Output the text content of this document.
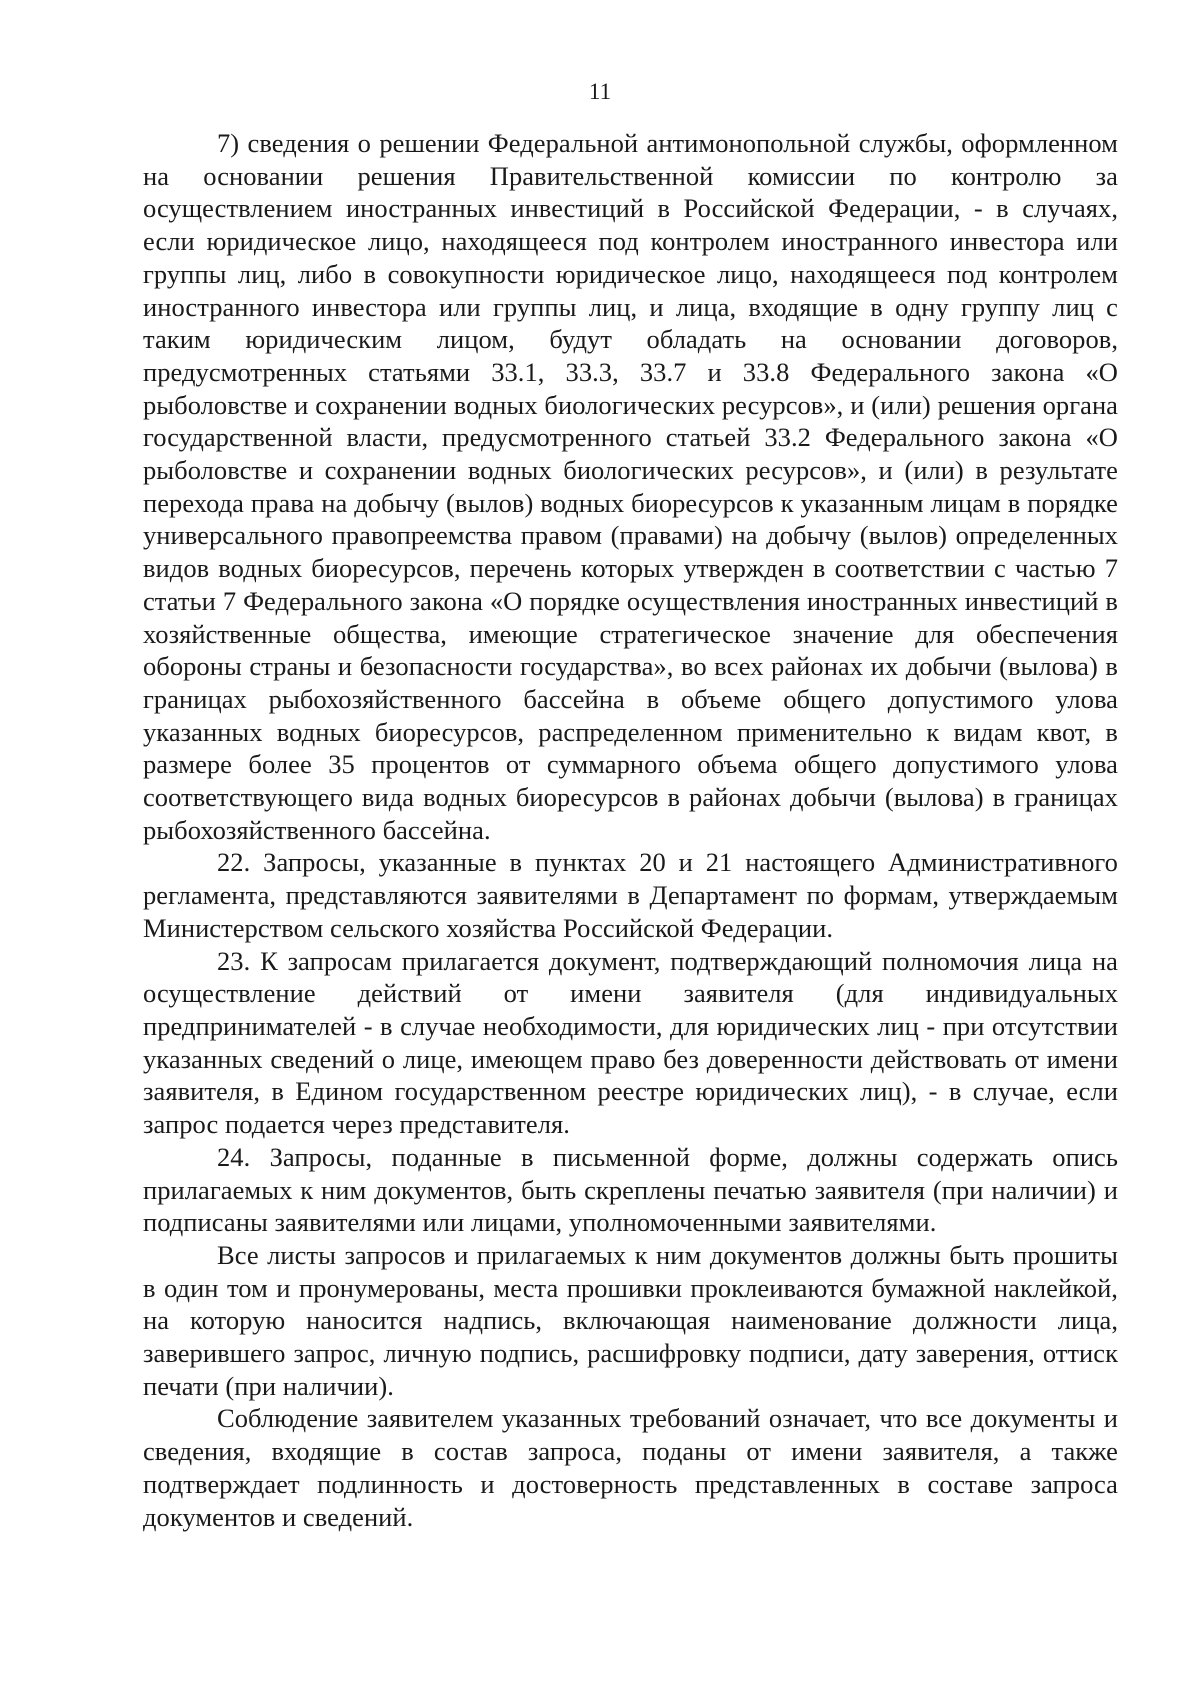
11

7) сведения о решении Федеральной антимонопольной службы, оформленном на основании решения Правительственной комиссии по контролю за осуществлением иностранных инвестиций в Российской Федерации, - в случаях, если юридическое лицо, находящееся под контролем иностранного инвестора или группы лиц, либо в совокупности юридическое лицо, находящееся под контролем иностранного инвестора или группы лиц, и лица, входящие в одну группу лиц с таким юридическим лицом, будут обладать на основании договоров, предусмотренных статьями 33.1, 33.3, 33.7 и 33.8 Федерального закона «О рыболовстве и сохранении водных биологических ресурсов», и (или) решения органа государственной власти, предусмотренного статьей 33.2 Федерального закона «О рыболовстве и сохранении водных биологических ресурсов», и (или) в результате перехода права на добычу (вылов) водных биоресурсов к указанным лицам в порядке универсального правопреемства правом (правами) на добычу (вылов) определенных видов водных биоресурсов, перечень которых утвержден в соответствии с частью 7 статьи 7 Федерального закона «О порядке осуществления иностранных инвестиций в хозяйственные общества, имеющие стратегическое значение для обеспечения обороны страны и безопасности государства», во всех районах их добычи (вылова) в границах рыбохозяйственного бассейна в объеме общего допустимого улова указанных водных биоресурсов, распределенном применительно к видам квот, в размере более 35 процентов от суммарного объема общего допустимого улова соответствующего вида водных биоресурсов в районах добычи (вылова) в границах рыбохозяйственного бассейна.

22. Запросы, указанные в пунктах 20 и 21 настоящего Административного регламента, представляются заявителями в Департамент по формам, утверждаемым Министерством сельского хозяйства Российской Федерации.

23. К запросам прилагается документ, подтверждающий полномочия лица на осуществление действий от имени заявителя (для индивидуальных предпринимателей - в случае необходимости, для юридических лиц - при отсутствии указанных сведений о лице, имеющем право без доверенности действовать от имени заявителя, в Едином государственном реестре юридических лиц), - в случае, если запрос подается через представителя.

24. Запросы, поданные в письменной форме, должны содержать опись прилагаемых к ним документов, быть скреплены печатью заявителя (при наличии) и подписаны заявителями или лицами, уполномоченными заявителями.

Все листы запросов и прилагаемых к ним документов должны быть прошиты в один том и пронумерованы, места прошивки проклеиваются бумажной наклейкой, на которую наносится надпись, включающая наименование должности лица, заверившего запрос, личную подпись, расшифровку подписи, дату заверения, оттиск печати (при наличии).

Соблюдение заявителем указанных требований означает, что все документы и сведения, входящие в состав запроса, поданы от имени заявителя, а также подтверждает подлинность и достоверность представленных в составе запроса документов и сведений.
